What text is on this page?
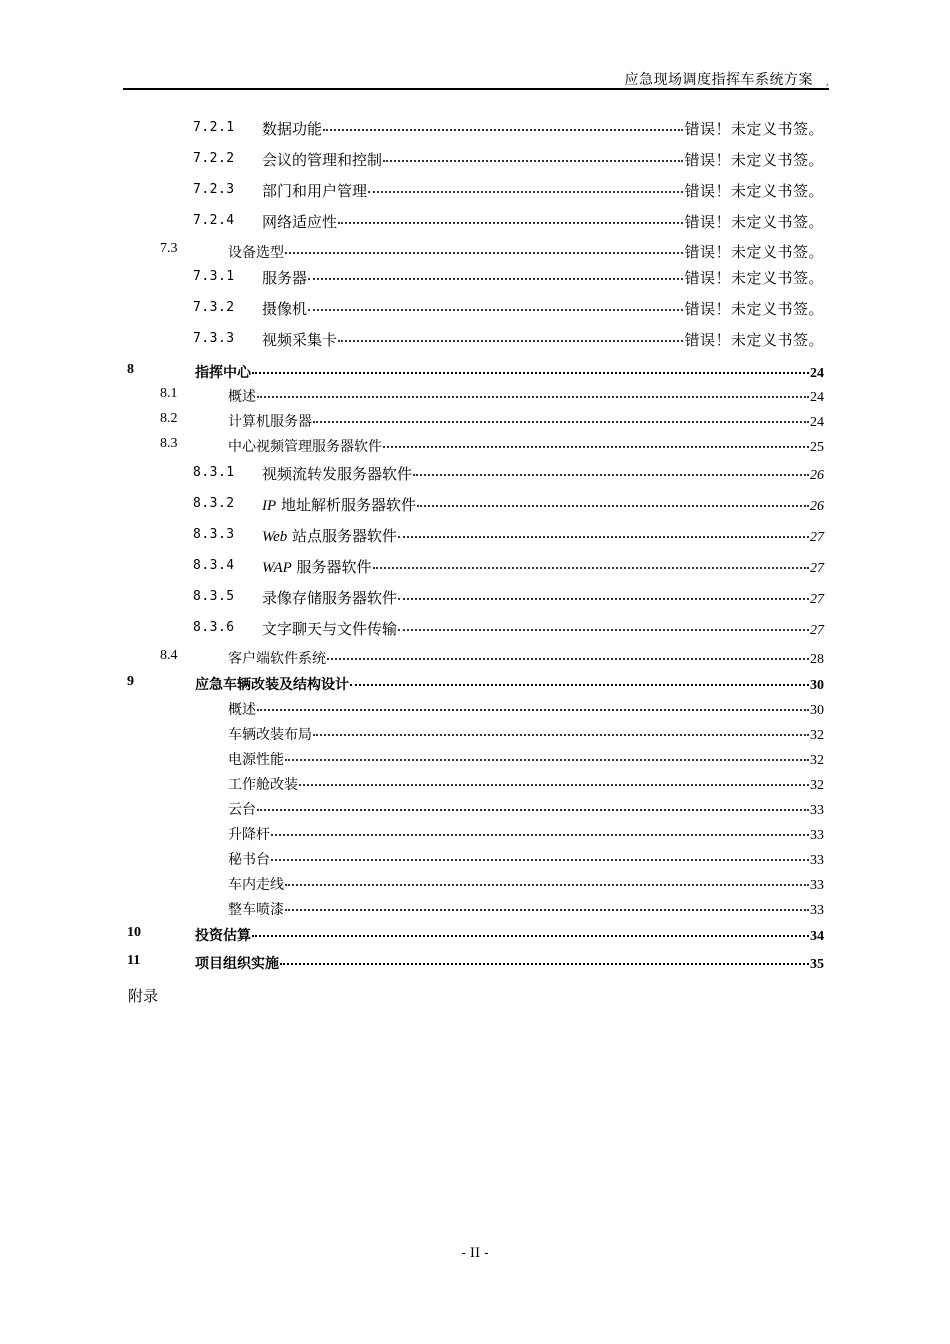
应急现场调度指挥车系统方案 ,
7.2.1 数据功能	错误！未定义书签。
7.2.2 会议的管理和控制	错误！未定义书签。
7.2.3 部门和用户管理	错误！未定义书签。
7.2.4 网络适应性	错误！未定义书签。
7.3	设备选型	错误！未定义书签。
7.3.1 服务器	错误！未定义书签。
7.3.2 摄像机	错误！未定义书签。
7.3.3 视频采集卡	错误！未定义书签。
8	指挥中心	24
8.1	概述	24
8.2	计算机服务器	24
8.3	中心视频管理服务器软件	25
8.3.1 视频流转发服务器软件	26
8.3.2 IP 地址解析服务器软件	26
8.3.3 Web 站点服务器软件	27
8.3.4 WAP 服务器软件	27
8.3.5 录像存储服务器软件	27
8.3.6 文字聊天与文件传输	27
8.4	客户端软件系统	28
9	应急车辆改装及结构设计	30
概述	30
车辆改装布局	32
电源性能	32
工作舱改装	32
云台	33
升降杆	33
秘书台	33
车内走线	33
整车喷漆	33
10	投资估算	34
11	项目组织实施	35
附录
- II -
